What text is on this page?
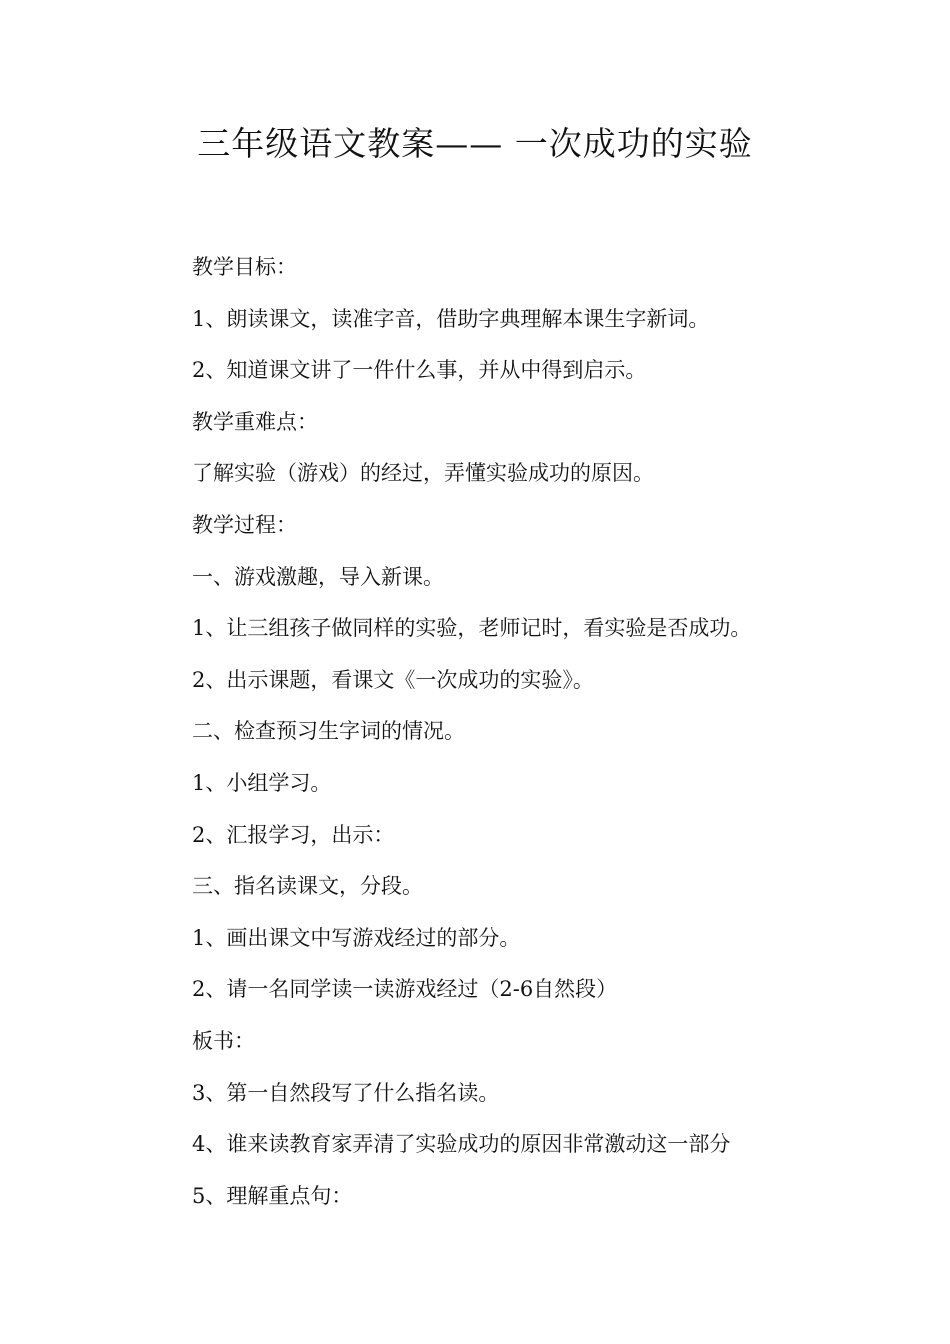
三年级语文教案—— 一次成功的实验
教学目标：
1、朗读课文，读准字音，借助字典理解本课生字新词。
2、知道课文讲了一件什么事，并从中得到启示。
教学重难点：
了解实验（游戏）的经过，弄懂实验成功的原因。
教学过程：
一、游戏激趣，导入新课。
1、让三组孩子做同样的实验，老师记时，看实验是否成功。
2、出示课题，看课文《一次成功的实验》。
二、检查预习生字词的情况。
1、小组学习。
2、汇报学习，出示：
三、指名读课文，分段。
1、画出课文中写游戏经过的部分。
2、请一名同学读一读游戏经过（2-6自然段）
板书：
3、第一自然段写了什么指名读。
4、谁来读教育家弄清了实验成功的原因非常激动这一部分
5、理解重点句：
